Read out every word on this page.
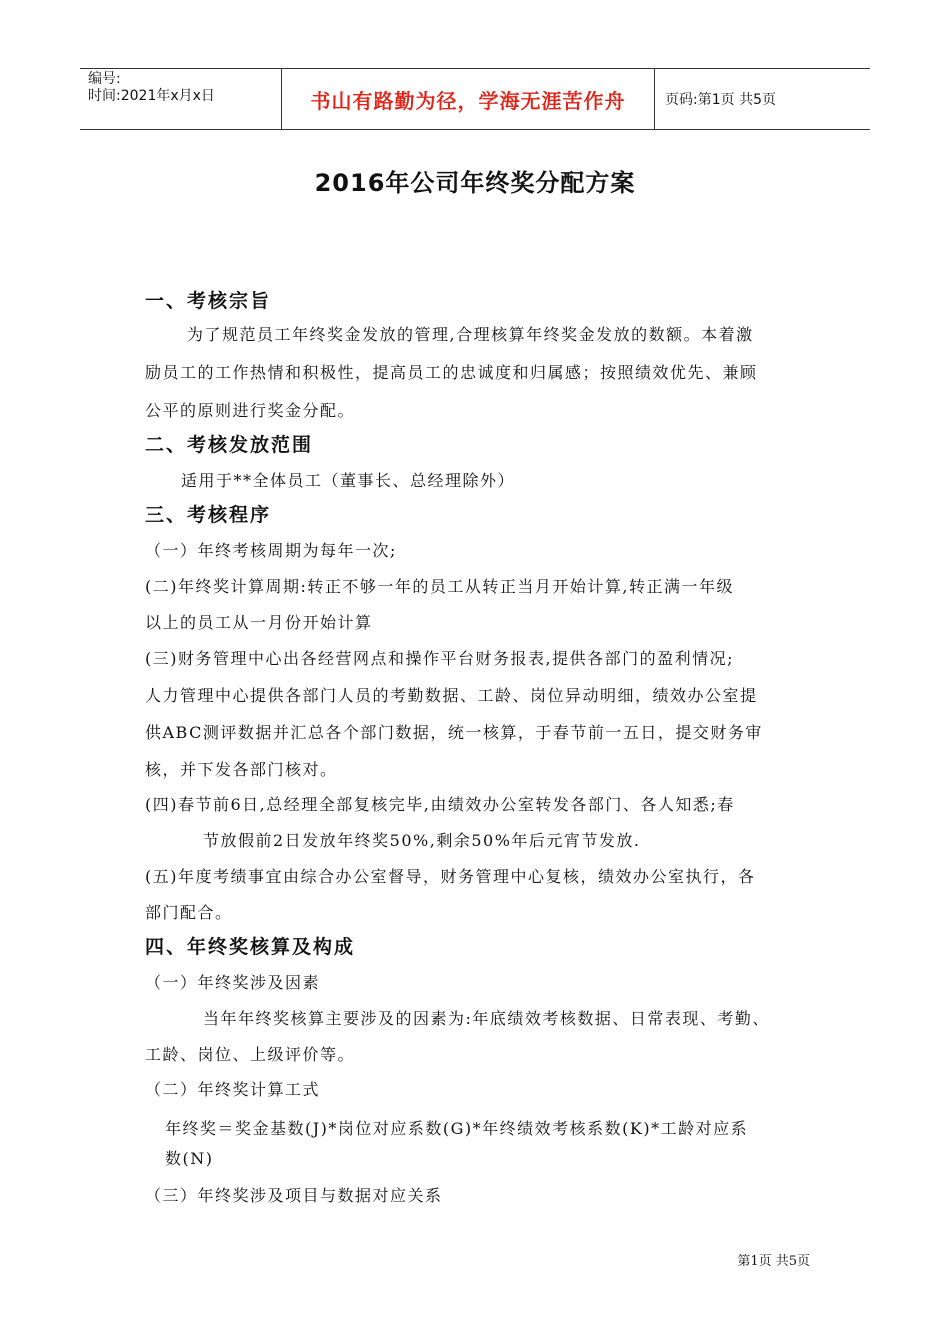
编号:
时间:2021年x月x日	书山有路勤为径，学海无涯苦作舟	页码:第1页 共5页
2016年公司年终奖分配方案
一、考核宗旨
为了规范员工年终奖金发放的管理,合理核算年终奖金发放的数额。本着激
励员工的工作热情和积极性，提高员工的忠诚度和归属感；按照绩效优先、兼顾
公平的原则进行奖金分配。
二、考核发放范围
适用于**全体员工（董事长、总经理除外）
三、考核程序
（一）年终考核周期为每年一次;
(二)年终奖计算周期:转正不够一年的员工从转正当月开始计算,转正满一年级
以上的员工从一月份开始计算
(三)财务管理中心出各经营网点和操作平台财务报表,提供各部门的盈利情况;
人力管理中心提供各部门人员的考勤数据、工龄、岗位异动明细，绩效办公室提
供ABC测评数据并汇总各个部门数据，统一核算，于春节前一五日，提交财务审
核，并下发各部门核对。
(四)春节前6日,总经理全部复核完毕,由绩效办公室转发各部门、各人知悉;春
节放假前2日发放年终奖50%,剩余50%年后元宵节发放.
(五)年度考绩事宜由综合办公室督导，财务管理中心复核，绩效办公室执行，各
部门配合。
四、年终奖核算及构成
（一）年终奖涉及因素
当年年终奖核算主要涉及的因素为:年底绩效考核数据、日常表现、考勤、
工龄、岗位、上级评价等。
（二）年终奖计算工式
年终奖＝奖金基数(J)*岗位对应系数(G)*年终绩效考核系数(K)*工龄对应系
数(N)
（三）年终奖涉及项目与数据对应关系
第1页 共5页
